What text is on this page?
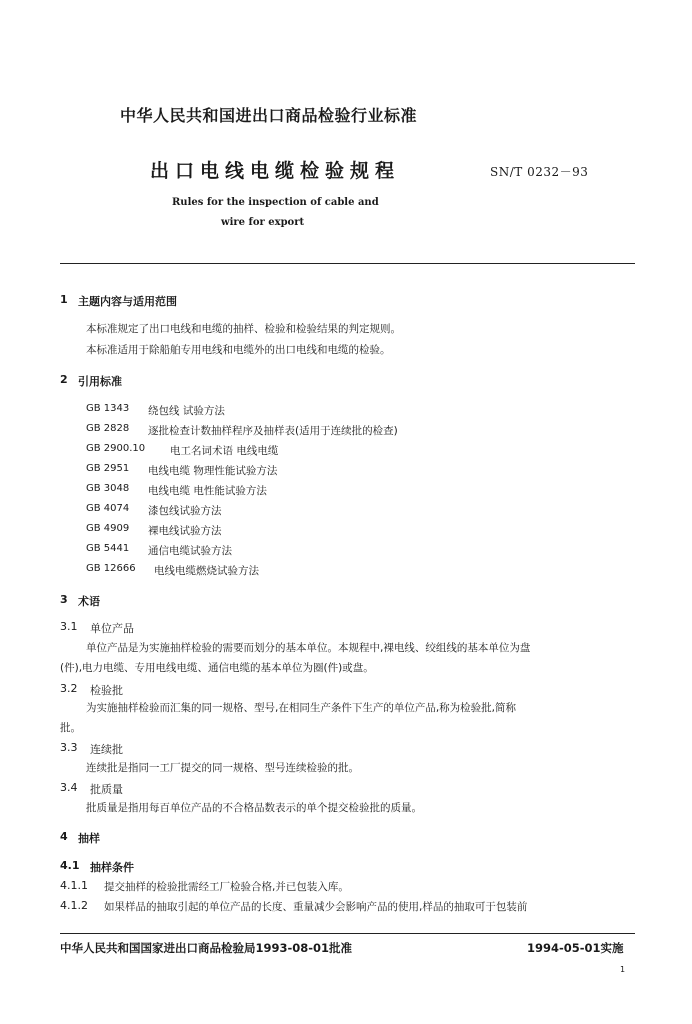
中华人民共和国进出口商品检验行业标准
出口电线电缆检验规程	SN/T 0232－93
Rules for the inspection of cable and
wire for export
1 主题内容与适用范围
本标准规定了出口电线和电缆的抽样、检验和检验结果的判定规则。
本标准适用于除船舶专用电线和电缆外的出口电线和电缆的检验。
2 引用标准
GB 1343 绕包线 试验方法
GB 2828 逐批检查计数抽样程序及抽样表(适用于连续批的检查)
GB 2900.10 电工名词术语 电线电缆
GB 2951 电线电缆 物理性能试验方法
GB 3048 电线电缆 电性能试验方法
GB 4074 漆包线试验方法
GB 4909 裸电线试验方法
GB 5441 通信电缆试验方法
GB 12666 电线电缆燃烧试验方法
3 术语
3.1 单位产品
单位产品是为实施抽样检验的需要而划分的基本单位。本规程中,裸电线、绞组线的基本单位为盘
(件),电力电缆、专用电线电缆、通信电缆的基本单位为圈(件)或盘。
3.2 检验批
为实施抽样检验而汇集的同一规格、型号,在相同生产条件下生产的单位产品,称为检验批,简称
批。
3.3 连续批
连续批是指同一工厂提交的同一规格、型号连续检验的批。
3.4 批质量
批质量是指用每百单位产品的不合格品数表示的单个提交检验批的质量。
4 抽样
4.1 抽样条件
4.1.1 提交抽样的检验批需经工厂检验合格,并已包装入库。
4.1.2 如果样品的抽取引起的单位产品的长度、重量减少会影响产品的使用,样品的抽取可于包装前
中华人民共和国国家进出口商品检验局1993-08-01批准	1994-05-01实施
1
